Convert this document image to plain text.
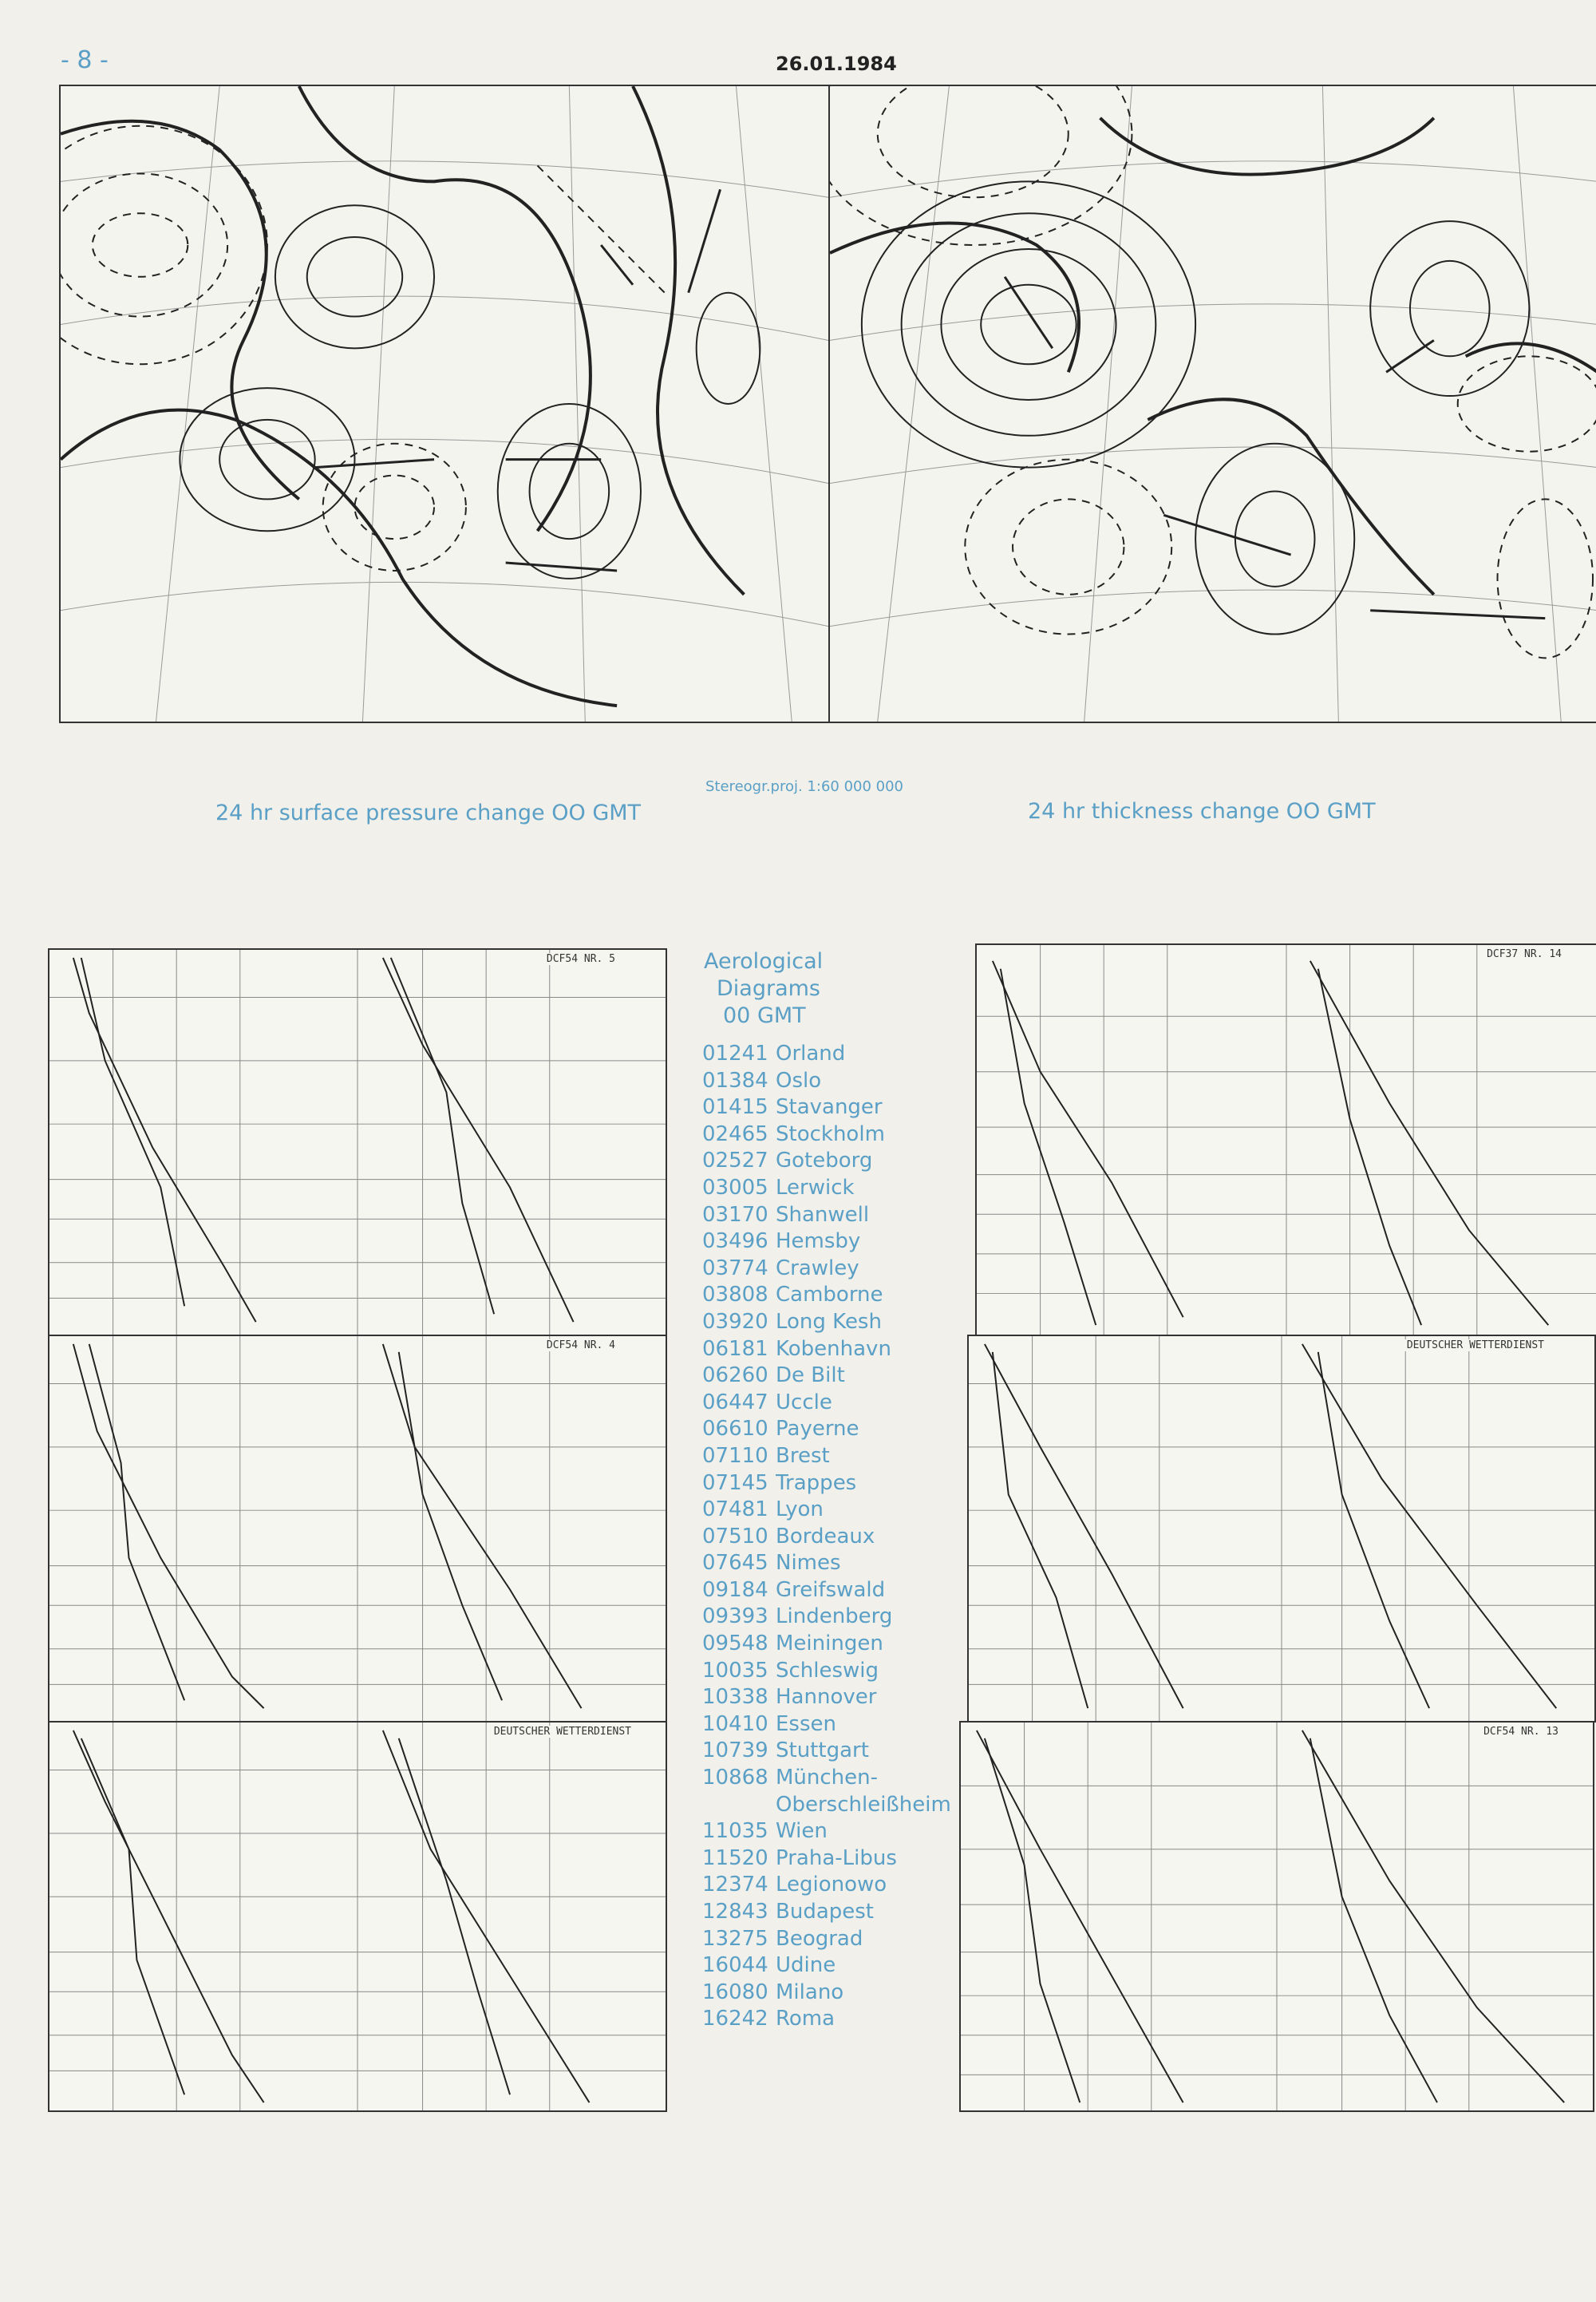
- 8 -	26.01.1984
Stereogr.proj. 1:60 000 000
24 hr surface pressure change OO GMT	24 hr thickness change OO GMT
DCF54 NR. 5
DCF54 NR. 4
DEUTSCHER WETTERDIENST
Aerological
Diagrams
00 GMT
01241 Orland
01384 Oslo
01415 Stavanger
02465 Stockholm
02527 Goteborg
03005 Lerwick
03170 Shanwell
03496 Hemsby
03774 Crawley
03808 Camborne
03920 Long Kesh
06181 Kobenhavn
06260 De Bilt
06447 Uccle
06610 Payerne
07110 Brest
07145 Trappes
07481 Lyon
07510 Bordeaux
07645 Nimes
09184 Greifswald
09393 Lindenberg
09548 Meiningen
10035 Schleswig
10338 Hannover
10410 Essen
10739 Stuttgart
10868 München-
Oberschleißheim
11035 Wien
11520 Praha-Libus
12374 Legionowo
12843 Budapest
13275 Beograd
16044 Udine
16080 Milano
16242 Roma
DCF37 NR. 14
DEUTSCHER WETTERDIENST
DCF54 NR. 13
